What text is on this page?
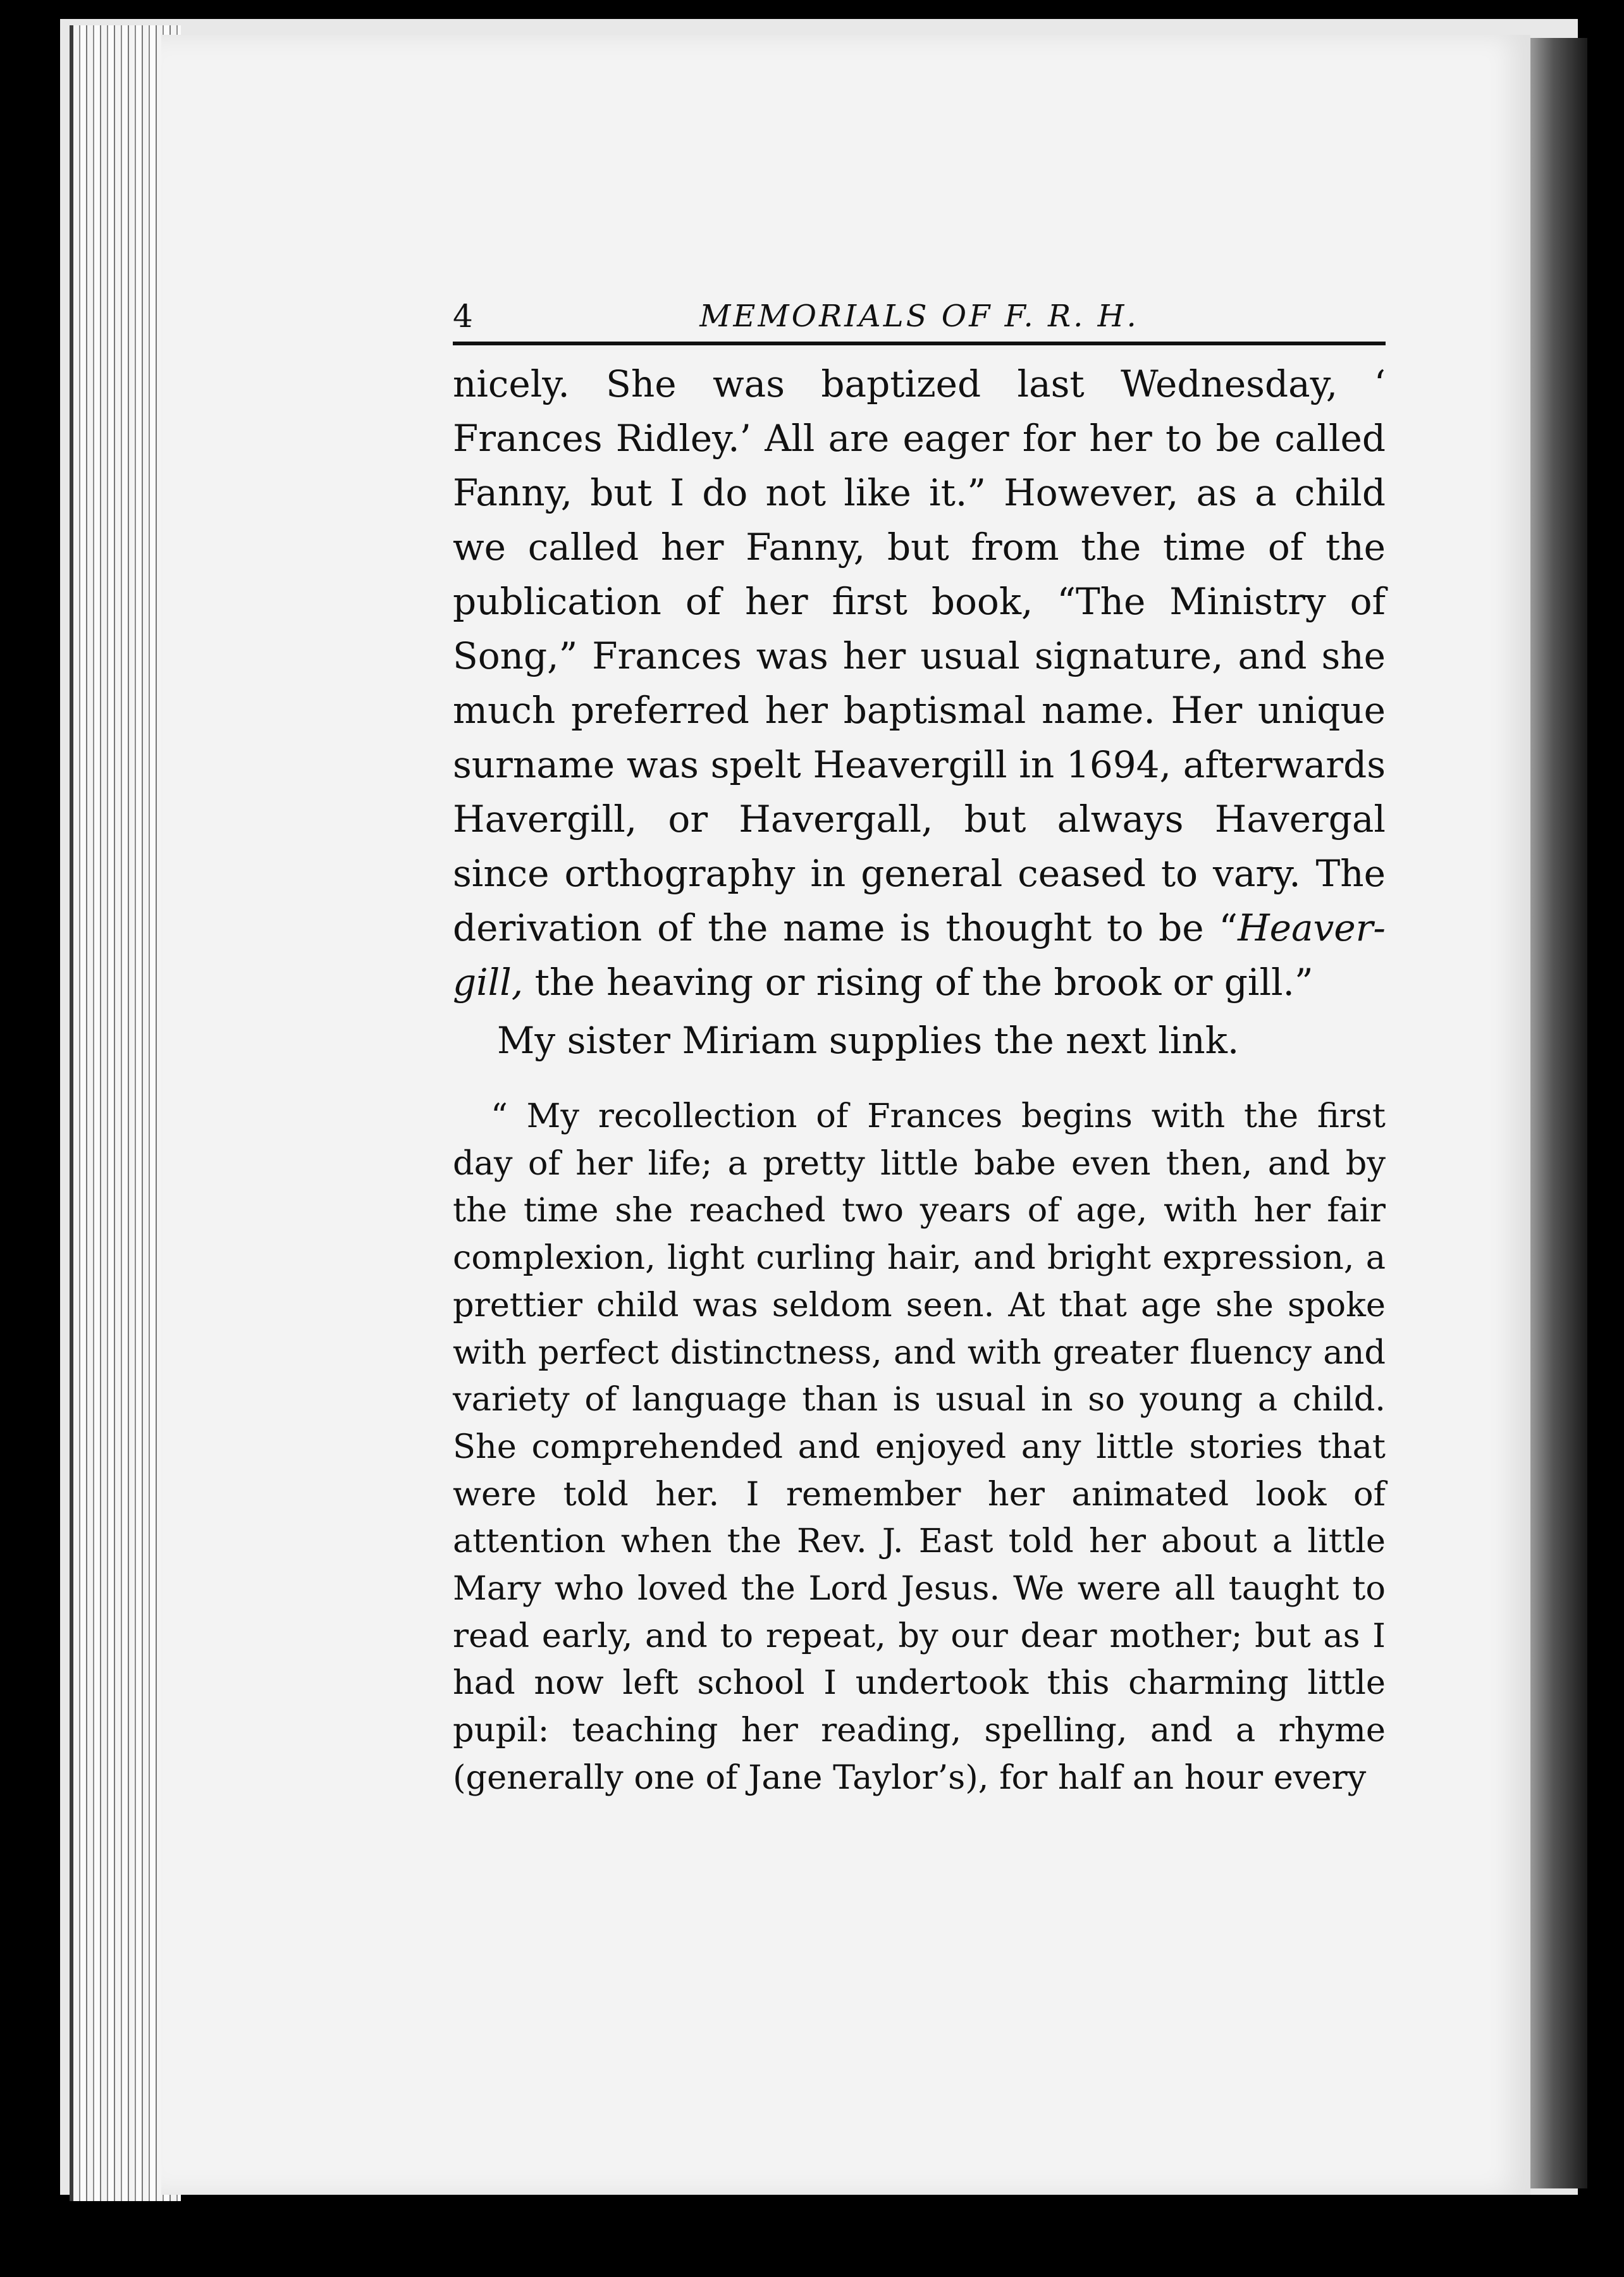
4	MEMORIALS OF F. R. H.

nicely. She was baptized last Wednesday, ‘ Frances Ridley.’ All are eager for her to be called Fanny, but I do not like it.” However, as a child we called her Fanny, but from the time of the publication of her first book, “The Ministry of Song,” Frances was her usual signature, and she much preferred her baptismal name. Her unique surname was spelt Heavergill in 1694, afterwards Havergill, or Havergall, but always Havergal since orthography in general ceased to vary. The derivation of the name is thought to be “Heaver-gill, the heaving or rising of the brook or gill.”

My sister Miriam supplies the next link.

“ My recollection of Frances begins with the first day of her life; a pretty little babe even then, and by the time she reached two years of age, with her fair complexion, light curling hair, and bright expression, a prettier child was seldom seen. At that age she spoke with perfect distinctness, and with greater fluency and variety of language than is usual in so young a child. She comprehended and enjoyed any little stories that were told her. I remember her animated look of attention when the Rev. J. East told her about a little Mary who loved the Lord Jesus. We were all taught to read early, and to repeat, by our dear mother; but as I had now left school I undertook this charming little pupil: teaching her reading, spelling, and a rhyme (generally one of Jane Taylor’s), for half an hour every
